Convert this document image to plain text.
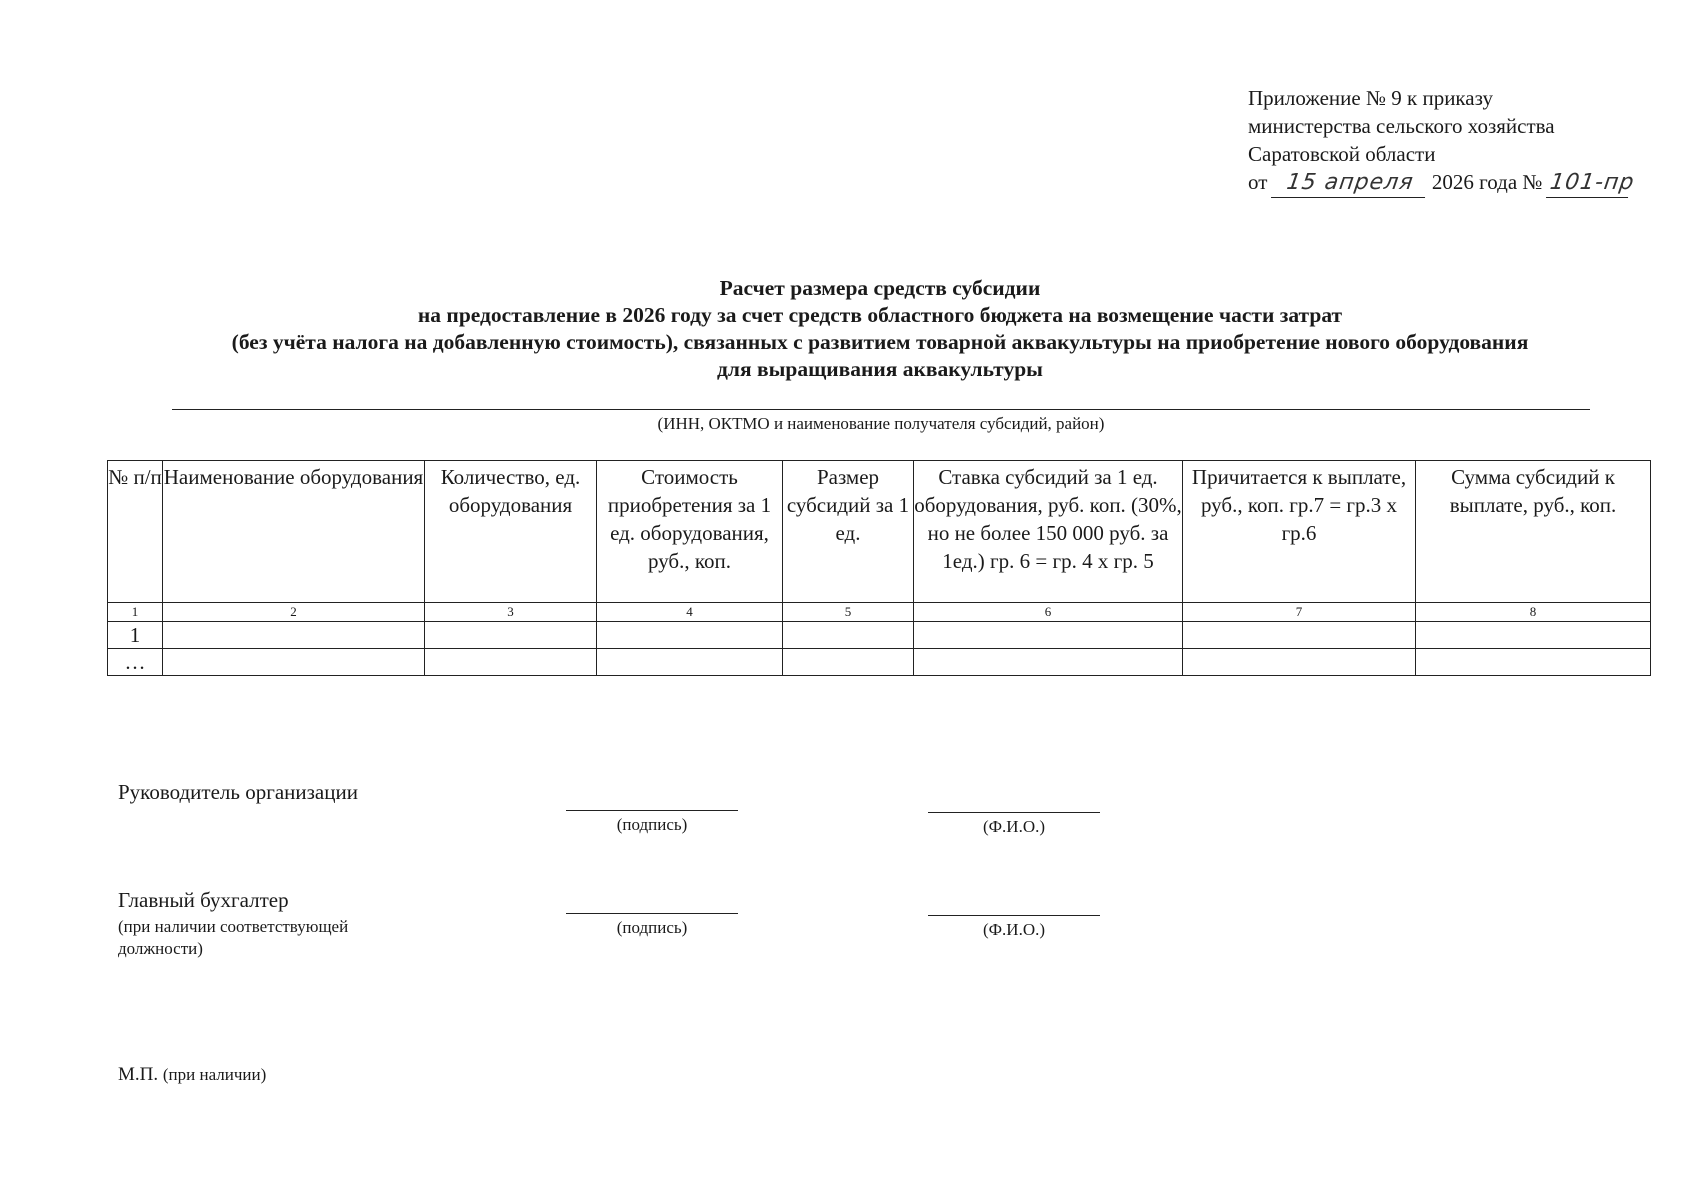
Приложение № 9 к приказу
министерства сельского хозяйства
Саратовской области
от 15 апреля 2026 года № 101-пр
Расчет размера средств субсидии
на предоставление в 2026 году за счет средств областного бюджета на возмещение части затрат
(без учёта налога на добавленную стоимость), связанных с развитием товарной аквакультуры на приобретение нового оборудования
для выращивания аквакультуры
(ИНН, ОКТМО и наименование получателя субсидий, район)
№ п/п	Наименование оборудования	Количество, ед. оборудования	Стоимость приобретения за 1 ед. оборудования, руб., коп.	Размер субсидий за 1 ед.	Ставка субсидий за 1 ед. оборудования, руб. коп. (30%, но не более 150 000 руб. за 1ед.) гр. 6 = гр. 4 х гр. 5	Причитается к выплате, руб., коп. гр.7 = гр.3 х гр.6	Сумма субсидий к выплате, руб., коп.
1	2	3	4	5	6	7	8
1							
…							
Руководитель организации
(подпись)	(Ф.И.О.)
Главный бухгалтер
(при наличии соответствующей
должности)
(подпись)	(Ф.И.О.)
М.П. (при наличии)
